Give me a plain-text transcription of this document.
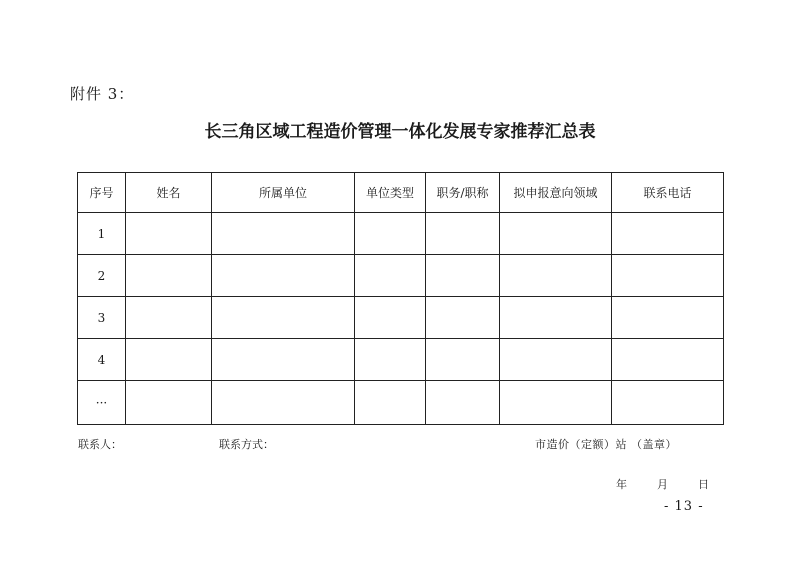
附件 3：
长三角区域工程造价管理一体化发展专家推荐汇总表
序号	姓名	所属单位	单位类型	职务/职称	拟申报意向领域	联系电话
1						
2						
3						
4						
···						
联系人：	联系方式：	市造价（定额）站 （盖章）
年	月	日
- 13 -
